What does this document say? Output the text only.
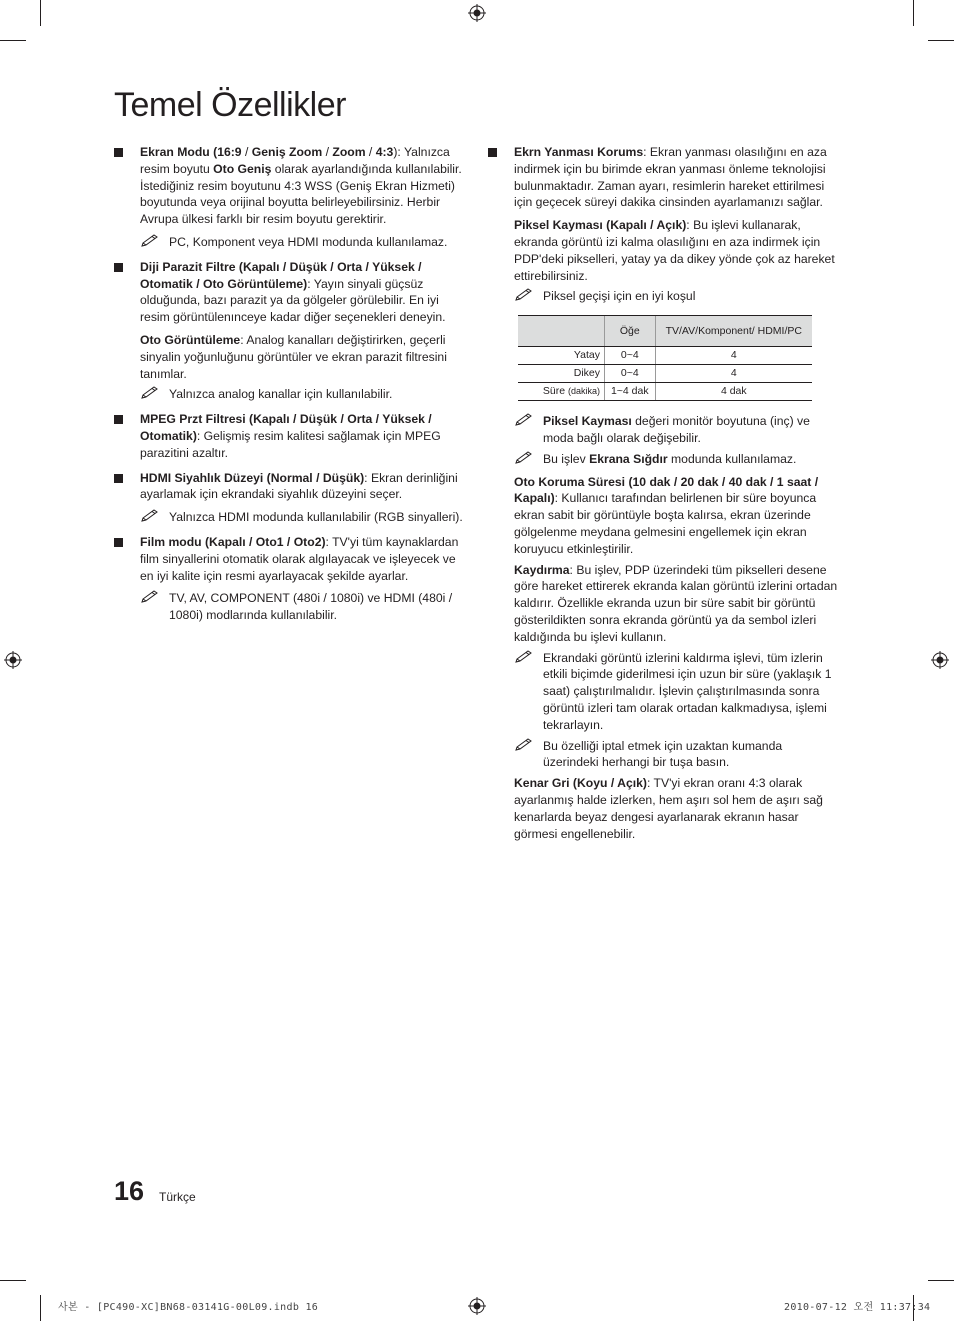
Temel Özellikler
Ekran Modu (16:9 / Geniş Zoom / Zoom / 4:3): Yalnızca resim boyutu Oto Geniş olarak ayarlandığında kullanılabilir. İstediğiniz resim boyutunu 4:3 WSS (Geniş Ekran Hizmeti) boyutunda veya orijinal boyutta belirleyebilirsiniz. Herbir Avrupa ülkesi farklı bir resim boyutu gerektirir.
PC, Komponent veya HDMI modunda kullanılamaz.
Diji Parazit Filtre (Kapalı / Düşük / Orta / Yüksek / Otomatik / Oto Görüntüleme): Yayın sinyali güçsüz olduğunda, bazı parazit ya da gölgeler görülebilir. En iyi resim görüntülenınceye kadar diğer seçenekleri deneyin.
Oto Görüntüleme: Analog kanalları değiştirirken, geçerli sinyalin yoğunluğunu görüntüler ve ekran parazit filtresini tanımlar.
Yalnızca analog kanallar için kullanılabilir.
MPEG Przt Filtresi (Kapalı / Düşük / Orta / Yüksek / Otomatik): Gelişmiş resim kalitesi sağlamak için MPEG parazitini azaltır.
HDMI Siyahlık Düzeyi (Normal / Düşük): Ekran derinliğini ayarlamak için ekrandaki siyahlık düzeyini seçer.
Yalnızca HDMI modunda kullanılabilir (RGB sinyalleri).
Film modu (Kapalı / Oto1 / Oto2): TV'yi tüm kaynaklardan film sinyallerini otomatik olarak algılayacak ve işleyecek ve en iyi kalite için resmi ayarlayacak şekilde ayarlar.
TV, AV, COMPONENT (480i / 1080i) ve HDMI (480i / 1080i) modlarında kullanılabilir.
Ekrn Yanması Korums: Ekran yanması olasılığını en aza indirmek için bu birimde ekran yanması önleme teknolojisi bulunmaktadır. Zaman ayarı, resimlerin hareket ettirilmesi için geçecek süreyi dakika cinsinden ayarlamanızı sağlar.
Piksel Kayması (Kapalı / Açık): Bu işlevi kullanarak, ekranda görüntü izi kalma olasılığını en aza indirmek için PDP'deki pikselleri, yatay ya da dikey yönde çok az hareket ettirebilirsiniz.
Piksel geçişi için en iyi koşul
	Öğe	TV/AV/Komponent/ HDMI/PC
Yatay	0~4	4
Dikey	0~4	4
Süre (dakika)	1~4 dak	4 dak
Piksel Kayması değeri monitör boyutuna (inç) ve moda bağlı olarak değişebilir.
Bu işlev Ekrana Sığdır modunda kullanılamaz.
Oto Koruma Süresi (10 dak / 20 dak / 40 dak / 1 saat / Kapalı): Kullanıcı tarafından belirlenen bir süre boyunca ekran sabit bir görüntüyle boşta kalırsa, ekran üzerinde gölgelenme meydana gelmesini engellemek için ekran koruyucu etkinleştirilir.
Kaydırma: Bu işlev, PDP üzerindeki tüm pikselleri desene göre hareket ettirerek ekranda kalan görüntü izlerini ortadan kaldırır. Özellikle ekranda uzun bir süre sabit bir görüntü gösterildikten sonra ekranda görüntü ya da sembol izleri kaldığında bu işlevi kullanın.
Ekrandaki görüntü izlerini kaldırma işlevi, tüm izlerin etkili biçimde giderilmesi için uzun bir süre (yaklaşık 1 saat) çalıştırılmalıdır. İşlevin çalıştırılmasında sonra görüntü izleri tam olarak ortadan kalkmadıysa, işlemi tekrarlayın.
Bu özelliği iptal etmek için uzaktan kumanda üzerindeki herhangi bir tuşa basın.
Kenar Gri (Koyu / Açık): TV'yi ekran oranı 4:3 olarak ayarlanmış halde izlerken, hem aşırı sol hem de aşırı sağ kenarlarda beyaz dengesi ayarlanarak ekranın hasar görmesi engellenebilir.
16 Türkçe
사본 - [PC490-XC]BN68-03141G-00L09.indb 16	2010-07-12 오전 11:37:34
